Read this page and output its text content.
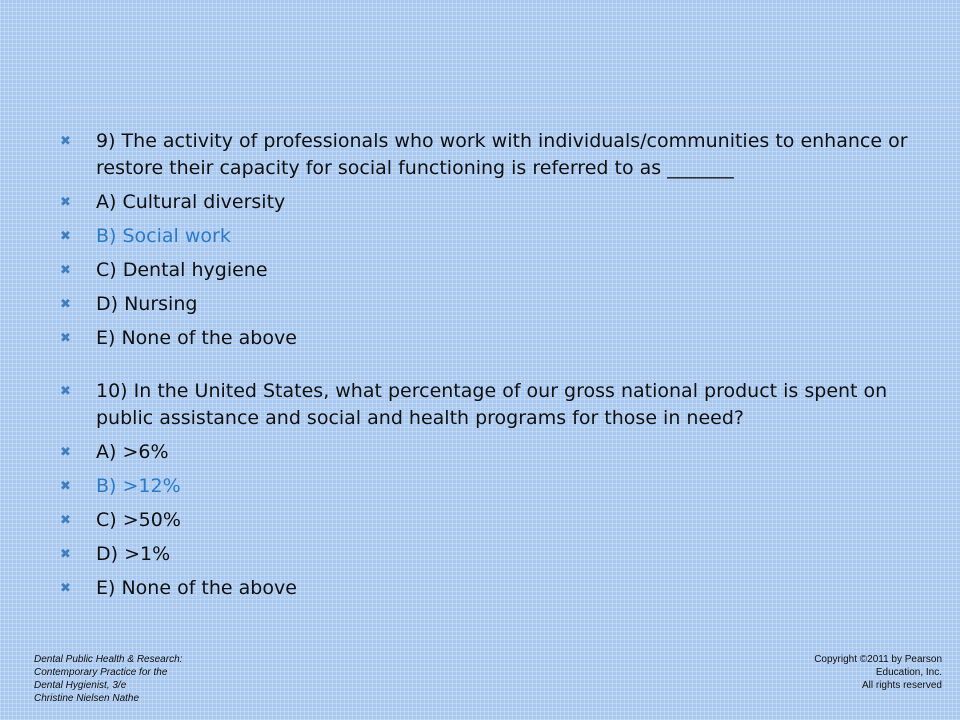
✖	9) The activity of professionals who work with individuals/communities to enhance or restore their capacity for social functioning is referred to as _______
✖	A) Cultural diversity
✖	B) Social work
✖	C) Dental hygiene
✖	D) Nursing
✖	E) None of the above
✖	10) In the United States, what percentage of our gross national product is spent on public assistance and social and health programs for those in need?
✖	A) >6%
✖	B) >12%
✖	C) >50%
✖	D) >1%
✖	E) None of the above
Dental Public Health & Research:
Contemporary Practice for the
Dental Hygienist, 3/e
Christine Nielsen Nathe
Copyright ©2011 by Pearson
Education, Inc.
All rights reserved
